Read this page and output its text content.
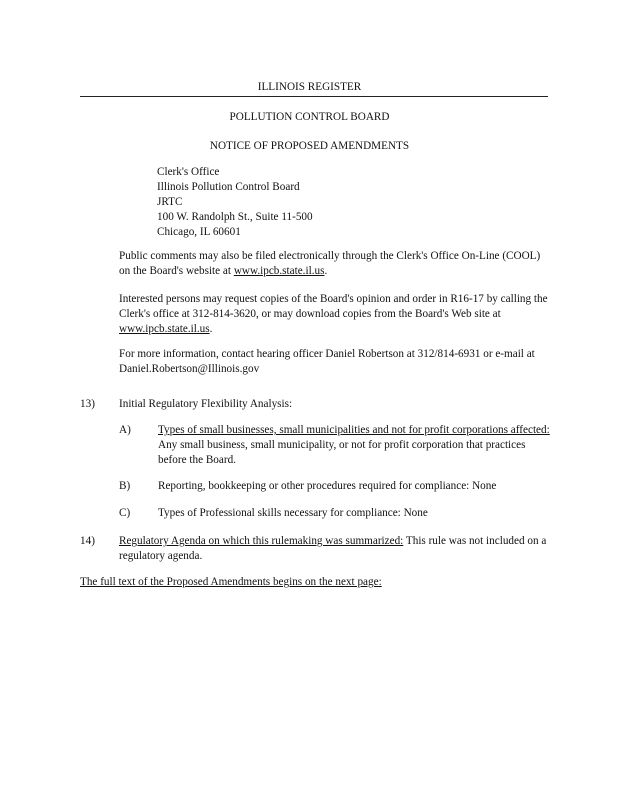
ILLINOIS REGISTER
POLLUTION CONTROL BOARD
NOTICE OF PROPOSED AMENDMENTS
Clerk's Office
Illinois Pollution Control Board
JRTC
100 W. Randolph St., Suite 11-500
Chicago, IL 60601
Public comments may also be filed electronically through the Clerk's Office On-Line (COOL) on the Board's website at www.ipcb.state.il.us.
Interested persons may request copies of the Board's opinion and order in R16-17 by calling the Clerk's office at 312-814-3620, or may download copies from the Board's Web site at www.ipcb.state.il.us.
For more information, contact hearing officer Daniel Robertson at 312/814-6931 or e-mail at Daniel.Robertson@Illinois.gov
13) Initial Regulatory Flexibility Analysis:
A) Types of small businesses, small municipalities and not for profit corporations affected: Any small business, small municipality, or not for profit corporation that practices before the Board.
B) Reporting, bookkeeping or other procedures required for compliance: None
C) Types of Professional skills necessary for compliance: None
14) Regulatory Agenda on which this rulemaking was summarized: This rule was not included on a regulatory agenda.
The full text of the Proposed Amendments begins on the next page:
